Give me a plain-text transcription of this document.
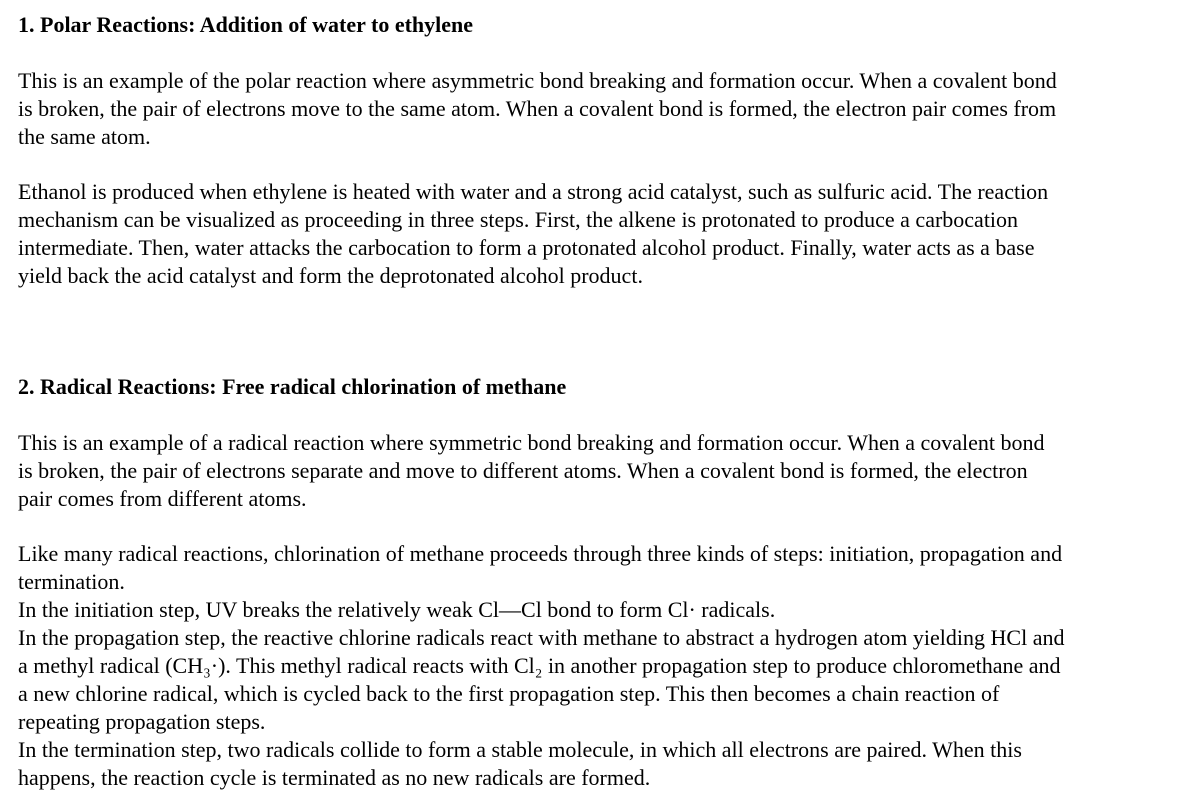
1. Polar Reactions: Addition of water to ethylene

This is an example of the polar reaction where asymmetric bond breaking and formation occur. When a covalent bond
is broken, the pair of electrons move to the same atom. When a covalent bond is formed, the electron pair comes from
the same atom.

Ethanol is produced when ethylene is heated with water and a strong acid catalyst, such as sulfuric acid. The reaction
mechanism can be visualized as proceeding in three steps. First, the alkene is protonated to produce a carbocation
intermediate. Then, water attacks the carbocation to form a protonated alcohol product. Finally, water acts as a base
yield back the acid catalyst and form the deprotonated alcohol product.

2. Radical Reactions: Free radical chlorination of methane

This is an example of a radical reaction where symmetric bond breaking and formation occur. When a covalent bond
is broken, the pair of electrons separate and move to different atoms. When a covalent bond is formed, the electron
pair comes from different atoms.

Like many radical reactions, chlorination of methane proceeds through three kinds of steps: initiation, propagation and
termination.
In the initiation step, UV breaks the relatively weak Cl—Cl bond to form Cl· radicals.
In the propagation step, the reactive chlorine radicals react with methane to abstract a hydrogen atom yielding HCl and
a methyl radical (CH₃·). This methyl radical reacts with Cl₂ in another propagation step to produce chloromethane and
a new chlorine radical, which is cycled back to the first propagation step. This then becomes a chain reaction of
repeating propagation steps.
In the termination step, two radicals collide to form a stable molecule, in which all electrons are paired. When this
happens, the reaction cycle is terminated as no new radicals are formed.
